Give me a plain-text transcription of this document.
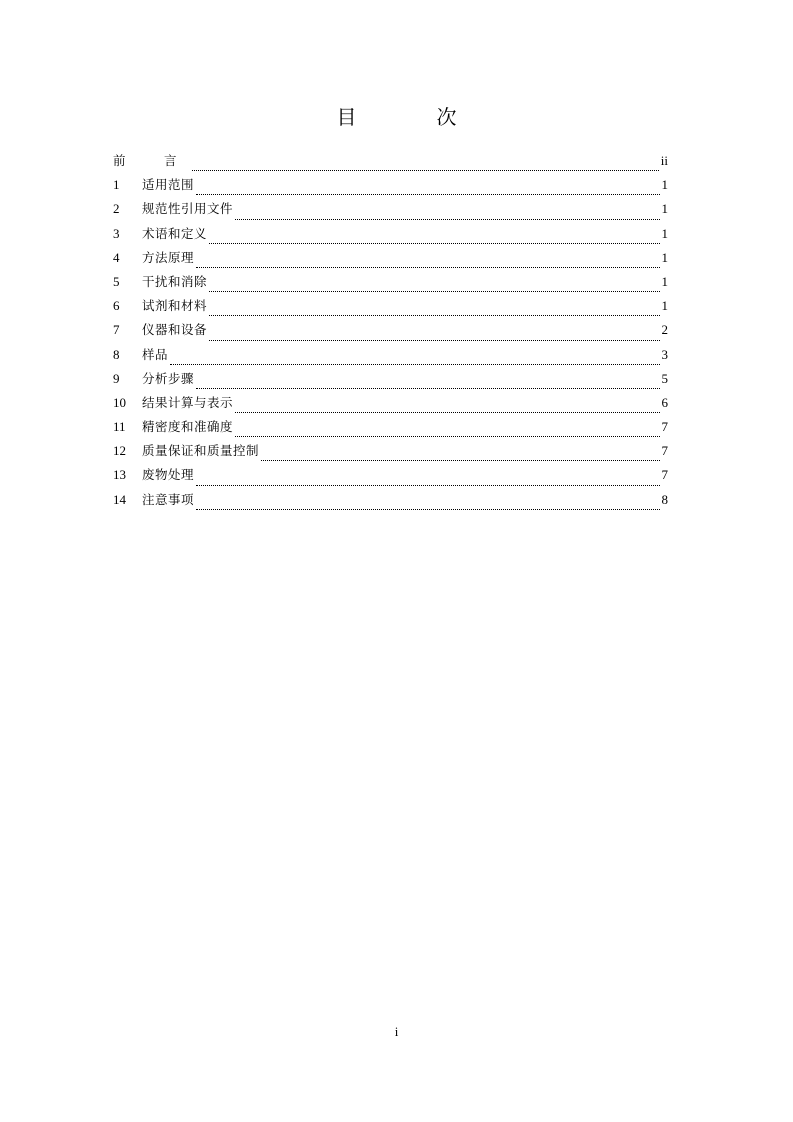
目　次
前　言	ii
1	适用范围	1
2	规范性引用文件	1
3	术语和定义	1
4	方法原理	1
5	干扰和消除	1
6	试剂和材料	1
7	仪器和设备	2
8	样品	3
9	分析步骤	5
10	结果计算与表示	6
11	精密度和准确度	7
12	质量保证和质量控制	7
13	废物处理	7
14	注意事项	8
i
